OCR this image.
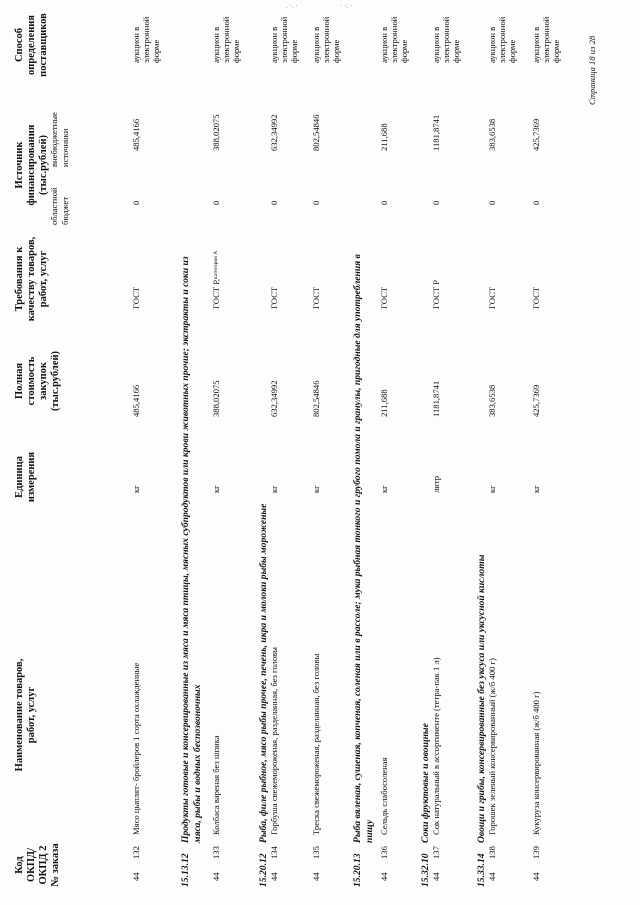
. ·. ·	· ·. ·
Код ОКПД/ ОКПД 2 № заказа
Наименование товаров, работ, услуг
Единица измерения
Полная стоимость закупок (тыс.рублей)
Требования к качеству товаров, работ, услуг
Источник финансирования (тыс.рублей)
Способ определения поставщиков
областной бюджет
внебюджетные источники
44
132
Мясо цыплят- бройлеров 1 сорта охлажденные
кг
485,4166
ГОСТ
0
485,4166
аукцион в электронной форме
15.13.12
Продукты готовые и консервированные из мяса и мяса птицы, мясных субпродуктов или крови животных прочие; экстракты и соки из мяса, рыбы и водных беспозвоночных
44
133
Колбаса вареная без шпика
кг
388,02075
ГОСТ Р,
категория А
0
388,02075
аукцион в электронной форме
15.20.12
Рыба, филе рыбное, мясо рыбы прочее, печень, икра и молоки рыбы мороженые
44
134
Горбуша свежемороженая, разделанная, без головы
кг
632,34992
ГОСТ
0
632,34992
аукцион в электронной форме
44
135
Треска свежемороженая, разделанная, без головы
кг
802,54846
ГОСТ
0
802,54846
аукцион в электронной форме
15.20.13
Рыба вяленая, сушеная, копченая, соленая или в рассоле; мука рыбная тонкого и грубого помола и гранулы, пригодные для употребления в пищу
44
136
Сельдь слабосоленая
кг
211,688
ГОСТ
0
211,688
аукцион в электронной форме
15.32.10
Соки фруктовые и овощные
44
137
Сок натуральный в ассортименте (тетра-пак 1 л)
литр
1181,8741
ГОСТ Р
0
1181,8741
аукцион в электронной форме
15.33.14
Овощи и грибы, консервированные без уксуса или уксусной кислоты
44
138
Горошек зеленый консервированный (ж/б 400 г)
кг
383,6538
ГОСТ
0
383,6538
аукцион в электронной форме
44
139
Кукуруза консервированная (ж/б 400 г)
кг
425,7369
ГОСТ
0
425,7369
аукцион в электронной форме	Страница 18 из 28
